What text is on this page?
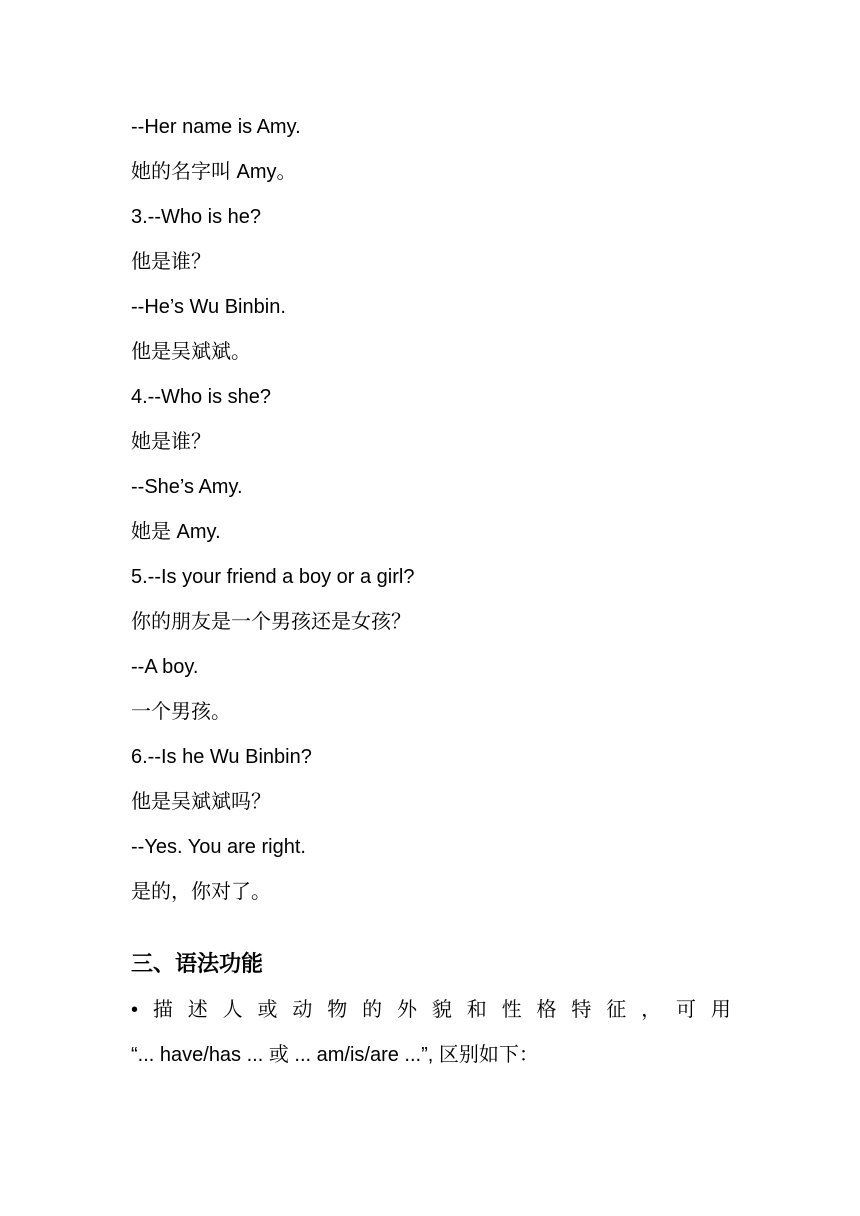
--Her name is Amy.
她的名字叫 Amy。
3.--Who is he?
他是谁？
--He’s Wu Binbin.
他是吴斌斌。
4.--Who is she?
她是谁？
--She’s Amy.
她是 Amy.
5.--Is your friend a boy or a girl?
你的朋友是一个男孩还是女孩？
--A boy.
一个男孩。
6.--Is he Wu Binbin?
他是吴斌斌吗？
--Yes. You are right.
是的，你对了。
三、语法功能
• 描 述 人 或 动 物 的 外 貌 和 性 格 特 征 ， 可 用
“... have/has ... 或 ... am/is/are ...”, 区别如下：
